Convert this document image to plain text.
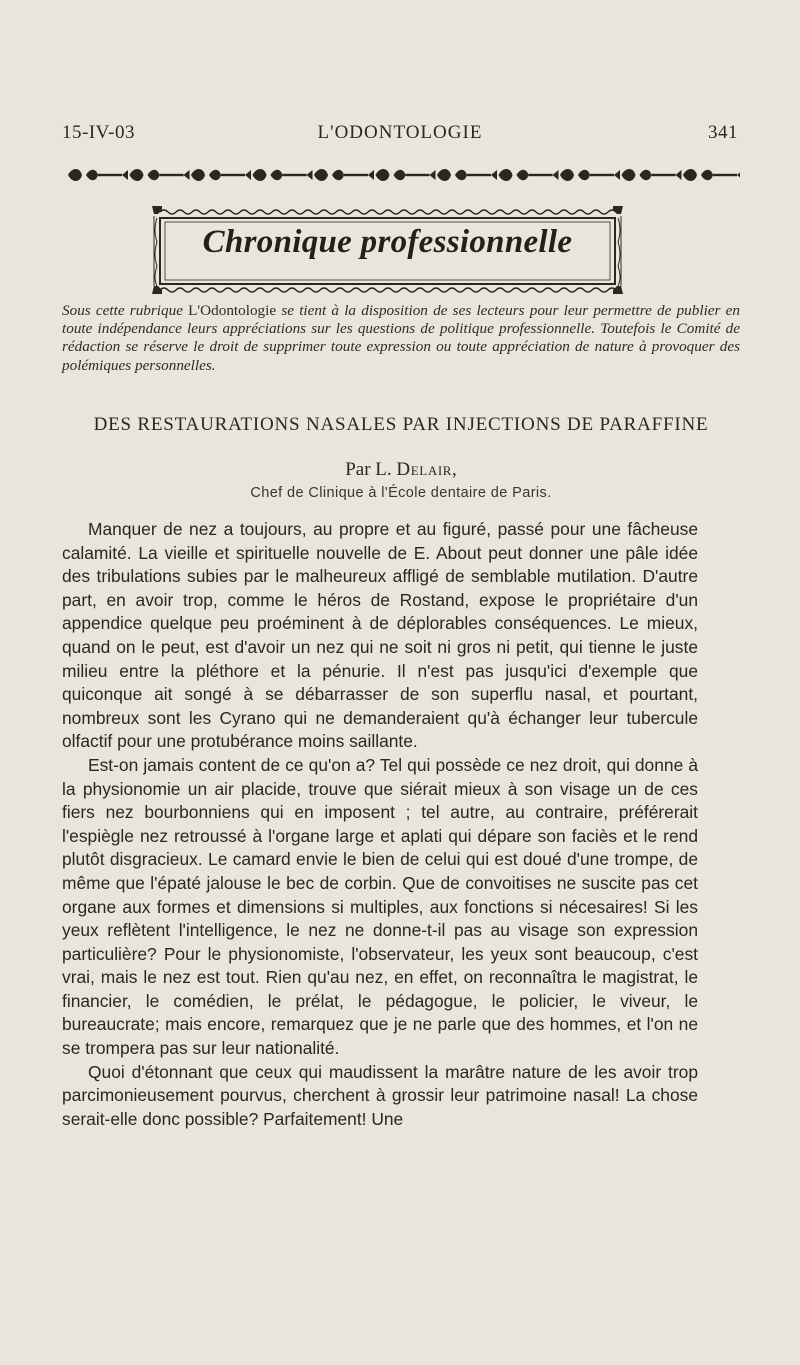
15-IV-03	L'ODONTOLOGIE	341
Chronique professionnelle
Sous cette rubrique L'Odontologie se tient à la disposition de ses lecteurs pour leur permettre de publier en toute indépendance leurs appréciations sur les questions de politique professionnelle. Toutefois le Comité de rédaction se réserve le droit de supprimer toute expression ou toute appréciation de nature à provoquer des polémiques personnelles.
DES RESTAURATIONS NASALES PAR INJECTIONS DE PARAFFINE
Par L. Delair,
Chef de Clinique à l'École dentaire de Paris.

Manquer de nez a toujours, au propre et au figuré, passé pour une fâcheuse calamité. La vieille et spirituelle nouvelle de E. About peut donner une pâle idée des tribulations subies par le malheureux affligé de semblable mutilation. D'autre part, en avoir trop, comme le héros de Rostand, expose le propriétaire d'un appendice quelque peu proéminent à de déplorables conséquences. Le mieux, quand on le peut, est d'avoir un nez qui ne soit ni gros ni petit, qui tienne le juste milieu entre la pléthore et la pénurie. Il n'est pas jusqu'ici d'exemple que quiconque ait songé à se débarrasser de son superflu nasal, et pourtant, nombreux sont les Cyrano qui ne demanderaient qu'à échanger leur tubercule olfactif pour une protubérance moins saillante.

Est-on jamais content de ce qu'on a? Tel qui possède ce nez droit, qui donne à la physionomie un air placide, trouve que siérait mieux à son visage un de ces fiers nez bourbonniens qui en imposent ; tel autre, au contraire, préférerait l'espiègle nez retroussé à l'organe large et aplati qui dépare son faciès et le rend plutôt disgracieux. Le camard envie le bien de celui qui est doué d'une trompe, de même que l'épaté jalouse le bec de corbin. Que de convoitises ne suscite pas cet organe aux formes et dimensions si multiples, aux fonctions si nécesaires! Si les yeux reflètent l'intelligence, le nez ne donne-t-il pas au visage son expression particulière? Pour le physionomiste, l'observateur, les yeux sont beaucoup, c'est vrai, mais le nez est tout. Rien qu'au nez, en effet, on reconnaîtra le magistrat, le financier, le comédien, le prélat, le pédagogue, le policier, le viveur, le bureaucrate; mais encore, remarquez que je ne parle que des hommes, et l'on ne se trompera pas sur leur nationalité.

Quoi d'étonnant que ceux qui maudissent la marâtre nature de les avoir trop parcimonieusement pourvus, cherchent à grossir leur patrimoine nasal! La chose serait-elle donc possible? Parfaitement! Une
